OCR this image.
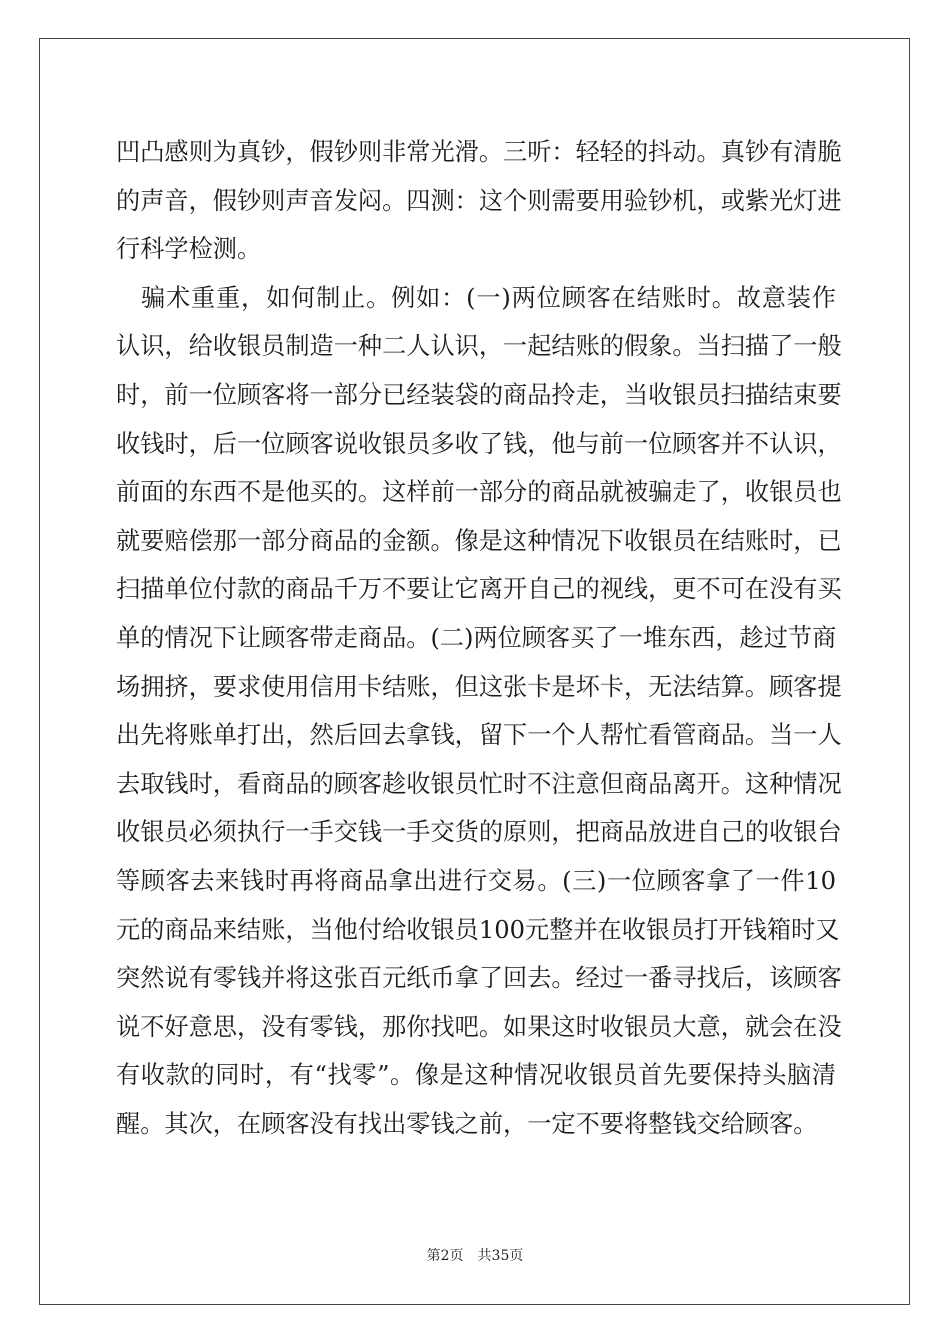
凹凸感则为真钞，假钞则非常光滑。三听：轻轻的抖动。真钞有清脆
的声音，假钞则声音发闷。四测：这个则需要用验钞机，或紫光灯进
行科学检测。
　骗术重重，如何制止。例如：(一)两位顾客在结账时。故意装作
认识，给收银员制造一种二人认识，一起结账的假象。当扫描了一般
时，前一位顾客将一部分已经装袋的商品拎走，当收银员扫描结束要
收钱时，后一位顾客说收银员多收了钱，他与前一位顾客并不认识，
前面的东西不是他买的。这样前一部分的商品就被骗走了，收银员也
就要赔偿那一部分商品的金额。像是这种情况下收银员在结账时，已
扫描单位付款的商品千万不要让它离开自己的视线，更不可在没有买
单的情况下让顾客带走商品。(二)两位顾客买了一堆东西，趁过节商
场拥挤，要求使用信用卡结账，但这张卡是坏卡，无法结算。顾客提
出先将账单打出，然后回去拿钱，留下一个人帮忙看管商品。当一人
去取钱时，看商品的顾客趁收银员忙时不注意但商品离开。这种情况
收银员必须执行一手交钱一手交货的原则，把商品放进自己的收银台
等顾客去来钱时再将商品拿出进行交易。(三)一位顾客拿了一件10
元的商品来结账，当他付给收银员100元整并在收银员打开钱箱时又
突然说有零钱并将这张百元纸币拿了回去。经过一番寻找后，该顾客
说不好意思，没有零钱，那你找吧。如果这时收银员大意，就会在没
有收款的同时，有“找零”。像是这种情况收银员首先要保持头脑清
醒。其次，在顾客没有找出零钱之前，一定不要将整钱交给顾客。
第2页　共35页
